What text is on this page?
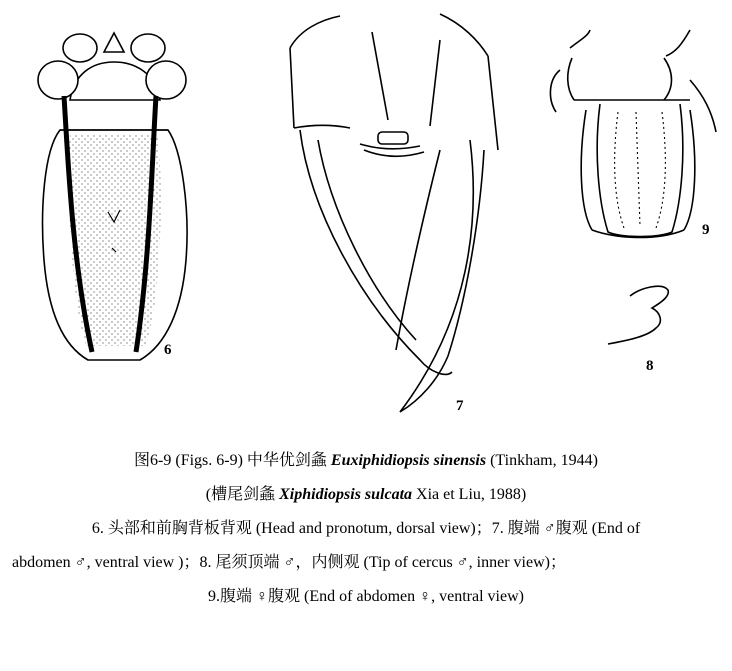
6
7
8
9
图6-9 (Figs. 6-9) 中华优剑螽 Euxiphidiopsis sinensis (Tinkham, 1944)
(槽尾剑螽 Xiphidiopsis sulcata Xia et Liu, 1988)
6. 头部和前胸背板背观 (Head and pronotum, dorsal view)；7. 腹端 ♂腹观 (End of
abdomen ♂, ventral view )；8. 尾须顶端 ♂，内侧观 (Tip of cercus ♂, inner view)；
9.腹端 ♀腹观 (End of abdomen ♀, ventral view)
